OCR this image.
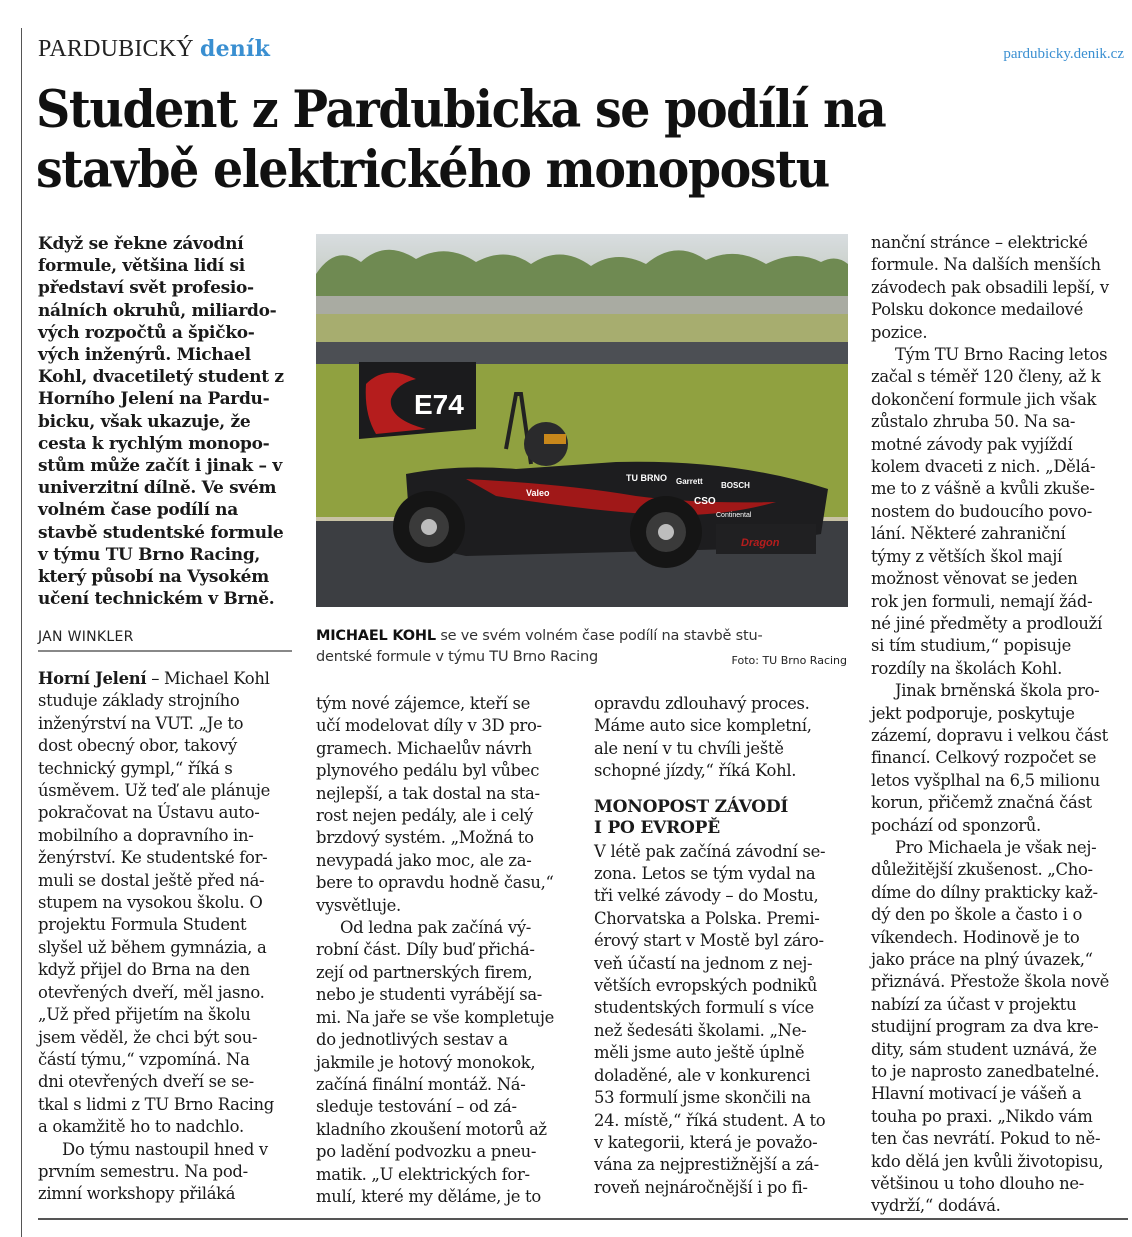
PARDUBICKÝ deník	pardubicky.denik.cz
Student z Pardubicka se podílí na
stavbě elektrického monopostu
Když se řekne závodní
formule, většina lidí si
představí svět profesio-
nálních okruhů, miliardo-
vých rozpočtů a špičko-
vých inženýrů. Michael
Kohl, dvacetiletý student z
Horního Jelení na Pardu-
bicku, však ukazuje, že
cesta k rychlým monopo-
stům může začít i jinak – v
univerzitní dílně. Ve svém
volném čase podílí na
stavbě studentské formule
v týmu TU Brno Racing,
který působí na Vysokém
učení technickém v Brně.
JAN WINKLER
E74
TU BRNO Garrett BOSCH
Valeo
CSO
Continental
Dragon
MICHAEL KOHL se ve svém volném čase podílí na stavbě stu-
dentské formule v týmu TU Brno Racing	Foto: TU Brno Racing
Horní Jelení – Michael Kohl
studuje základy strojního
inženýrství na VUT. „Je to
dost obecný obor, takový
technický gympl,“ říká s
úsměvem. Už teď ale plánuje
pokračovat na Ústavu auto-
mobilního a dopravního in-
ženýrství. Ke studentské for-
muli se dostal ještě před ná-
stupem na vysokou školu. O
projektu Formula Student
slyšel už během gymnázia, a
když přijel do Brna na den
otevřených dveří, měl jasno.
„Už před přijetím na školu
jsem věděl, že chci být sou-
částí týmu,“ vzpomíná. Na
dni otevřených dveří se se-
tkal s lidmi z TU Brno Racing
a okamžitě ho to nadchlo.
Do týmu nastoupil hned v
prvním semestru. Na pod-
zimní workshopy přiláká
tým nové zájemce, kteří se
učí modelovat díly v 3D pro-
gramech. Michaelův návrh
plynového pedálu byl vůbec
nejlepší, a tak dostal na sta-
rost nejen pedály, ale i celý
brzdový systém. „Možná to
nevypadá jako moc, ale za-
bere to opravdu hodně času,“
vysvětluje.
Od ledna pak začíná vý-
robní část. Díly buď přichá-
zejí od partnerských firem,
nebo je studenti vyrábějí sa-
mi. Na jaře se vše kompletuje
do jednotlivých sestav a
jakmile je hotový monokok,
začíná finální montáž. Ná-
sleduje testování – od zá-
kladního zkoušení motorů až
po ladění podvozku a pneu-
matik. „U elektrických for-
mulí, které my děláme, je to
opravdu zdlouhavý proces.
Máme auto sice kompletní,
ale není v tu chvíli ještě
schopné jízdy,“ říká Kohl.
MONOPOST ZÁVODÍ
I PO EVROPĚ
V létě pak začíná závodní se-
zona. Letos se tým vydal na
tři velké závody – do Mostu,
Chorvatska a Polska. Premi-
érový start v Mostě byl záro-
veň účastí na jednom z nej-
větších evropských podniků
studentských formulí s více
než šedesáti školami. „Ne-
měli jsme auto ještě úplně
doladěné, ale v konkurenci
53 formulí jsme skončili na
24. místě,“ říká student. A to
v kategorii, která je považo-
vána za nejprestižnější a zá-
roveň nejnáročnější i po fi-
nanční stránce – elektrické
formule. Na dalších menších
závodech pak obsadili lepší, v
Polsku dokonce medailové
pozice.
Tým TU Brno Racing letos
začal s téměř 120 členy, až k
dokončení formule jich však
zůstalo zhruba 50. Na sa-
motné závody pak vyjíždí
kolem dvaceti z nich. „Dělá-
me to z vášně a kvůli zkuše-
nostem do budoucího povo-
lání. Některé zahraniční
týmy z větších škol mají
možnost věnovat se jeden
rok jen formuli, nemají žád-
né jiné předměty a prodlouží
si tím studium,“ popisuje
rozdíly na školách Kohl.
Jinak brněnská škola pro-
jekt podporuje, poskytuje
zázemí, dopravu i velkou část
financí. Celkový rozpočet se
letos vyšplhal na 6,5 milionu
korun, přičemž značná část
pochází od sponzorů.
Pro Michaela je však nej-
důležitější zkušenost. „Cho-
díme do dílny prakticky kaž-
dý den po škole a často i o
víkendech. Hodinově je to
jako práce na plný úvazek,“
přiznává. Přestože škola nově
nabízí za účast v projektu
studijní program za dva kre-
dity, sám student uznává, že
to je naprosto zanedbatelné.
Hlavní motivací je vášeň a
touha po praxi. „Nikdo vám
ten čas nevrátí. Pokud to ně-
kdo dělá jen kvůli životopisu,
většinou u toho dlouho ne-
vydrží,“ dodává.
